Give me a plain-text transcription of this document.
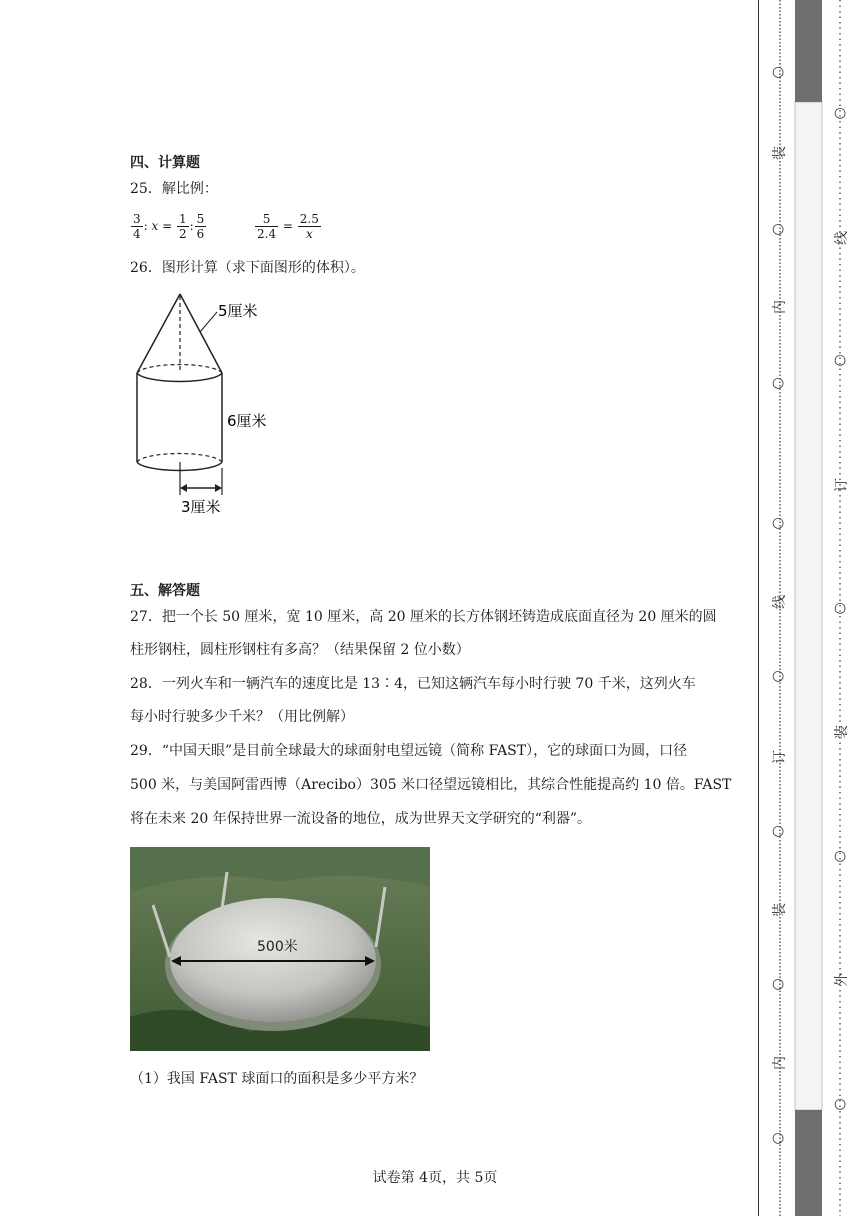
四、计算题
25．解比例：
$\frac{3}{4}$ : $x = \frac{1}{2}$ : $\frac{5}{6}$	$\frac{5}{2.4} = \frac{2.5}{x}$
26．图形计算（求下面图形的体积）。
5厘米
6厘米
3厘米
五、解答题
27．把一个长 50 厘米，宽 10 厘米，高 20 厘米的长方体钢坯铸造成底面直径为 20 厘米的圆
柱形钢柱，圆柱形钢柱有多高？（结果保留 2 位小数）
28．一列火车和一辆汽车的速度比是 13∶4，已知这辆汽车每小时行驶 70 千米，这列火车
每小时行驶多少千米？（用比例解）
29．“中国天眼”是目前全球最大的球面射电望远镜（简称 FAST），它的球面口为圆，口径
500 米，与美国阿雷西博（Arecibo）305 米口径望远镜相比，其综合性能提高约 10 倍。FAST
将在未来 20 年保持世界一流设备的地位，成为世界天文学研究的“利器”。
500米
（1）我国 FAST 球面口的面积是多少平方米？
试卷第 4页，共 5页
○
○
○
○
○
○
○
○
装
内
线
订
装
内
○
○
○
○
○
线
订
装
外
